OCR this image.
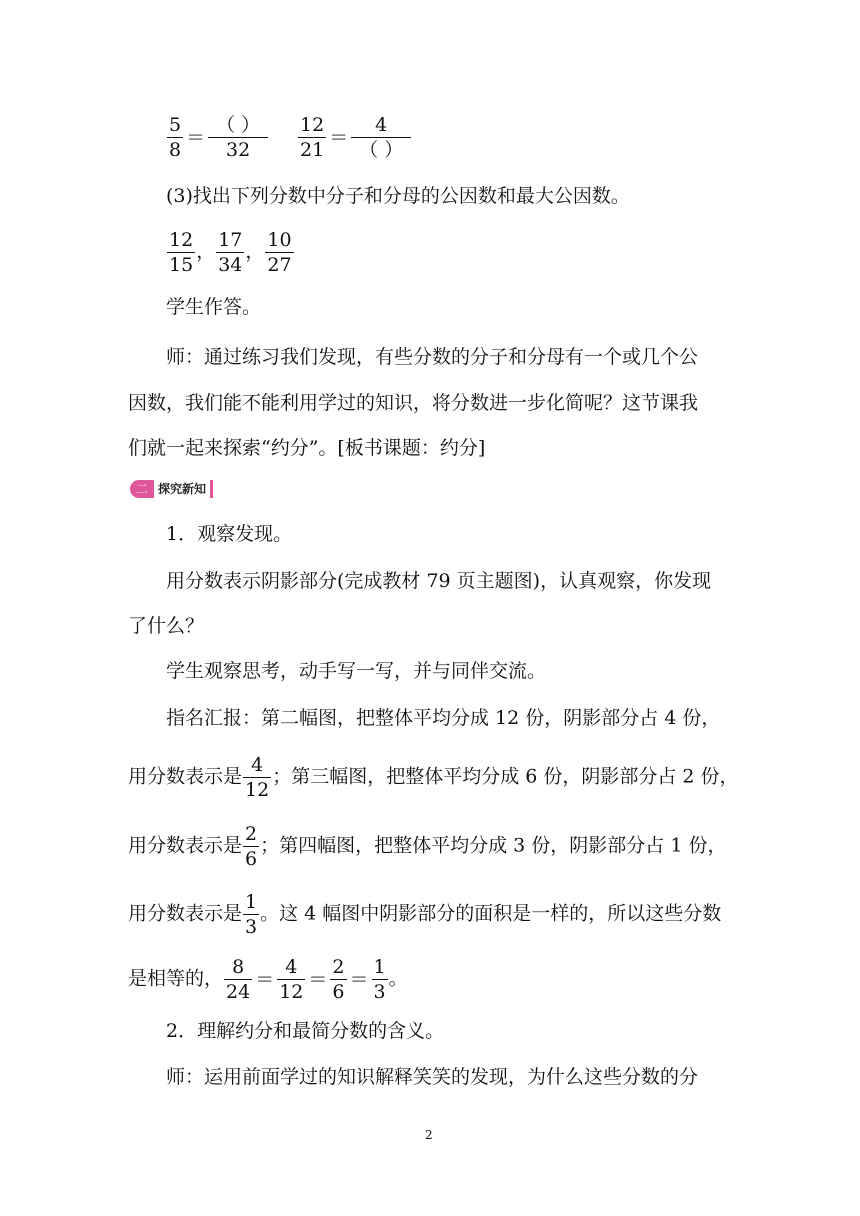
$\frac{5}{8} = \frac{( )}{32} \frac{12}{21} = \frac{4}{( )}$
(3)找出下列分数中分子和分母的公因数和最大公因数。
$\frac{12}{15}$ ， $\frac{17}{34}$ ， $\frac{10}{27}$
学生作答。
师：通过练习我们发现，有些分数的分子和分母有一个或几个公
因数，我们能不能利用学过的知识，将分数进一步化简呢？这节课我
们就一起来探索“约分”。[板书课题：约分]
二 探究新知
1．观察发现。
用分数表示阴影部分(完成教材 79 页主题图)，认真观察，你发现
了什么？
学生观察思考，动手写一写，并与同伴交流。
指名汇报：第二幅图，把整体平均分成 12 份，阴影部分占 4 份，
用分数表示是 $\frac{4}{12}$ ；第三幅图，把整体平均分成 6 份，阴影部分占 2 份，
用分数表示是 $\frac{2}{6}$ ；第四幅图，把整体平均分成 3 份，阴影部分占 1 份，
用分数表示是 $\frac{1}{3}$ 。这 4 幅图中阴影部分的面积是一样的，所以这些分数
是相等的， $\frac{8}{24} = \frac{4}{12} = \frac{2}{6} = \frac{1}{3}$ 。
2．理解约分和最简分数的含义。
师：运用前面学过的知识解释笑笑的发现，为什么这些分数的分
2
